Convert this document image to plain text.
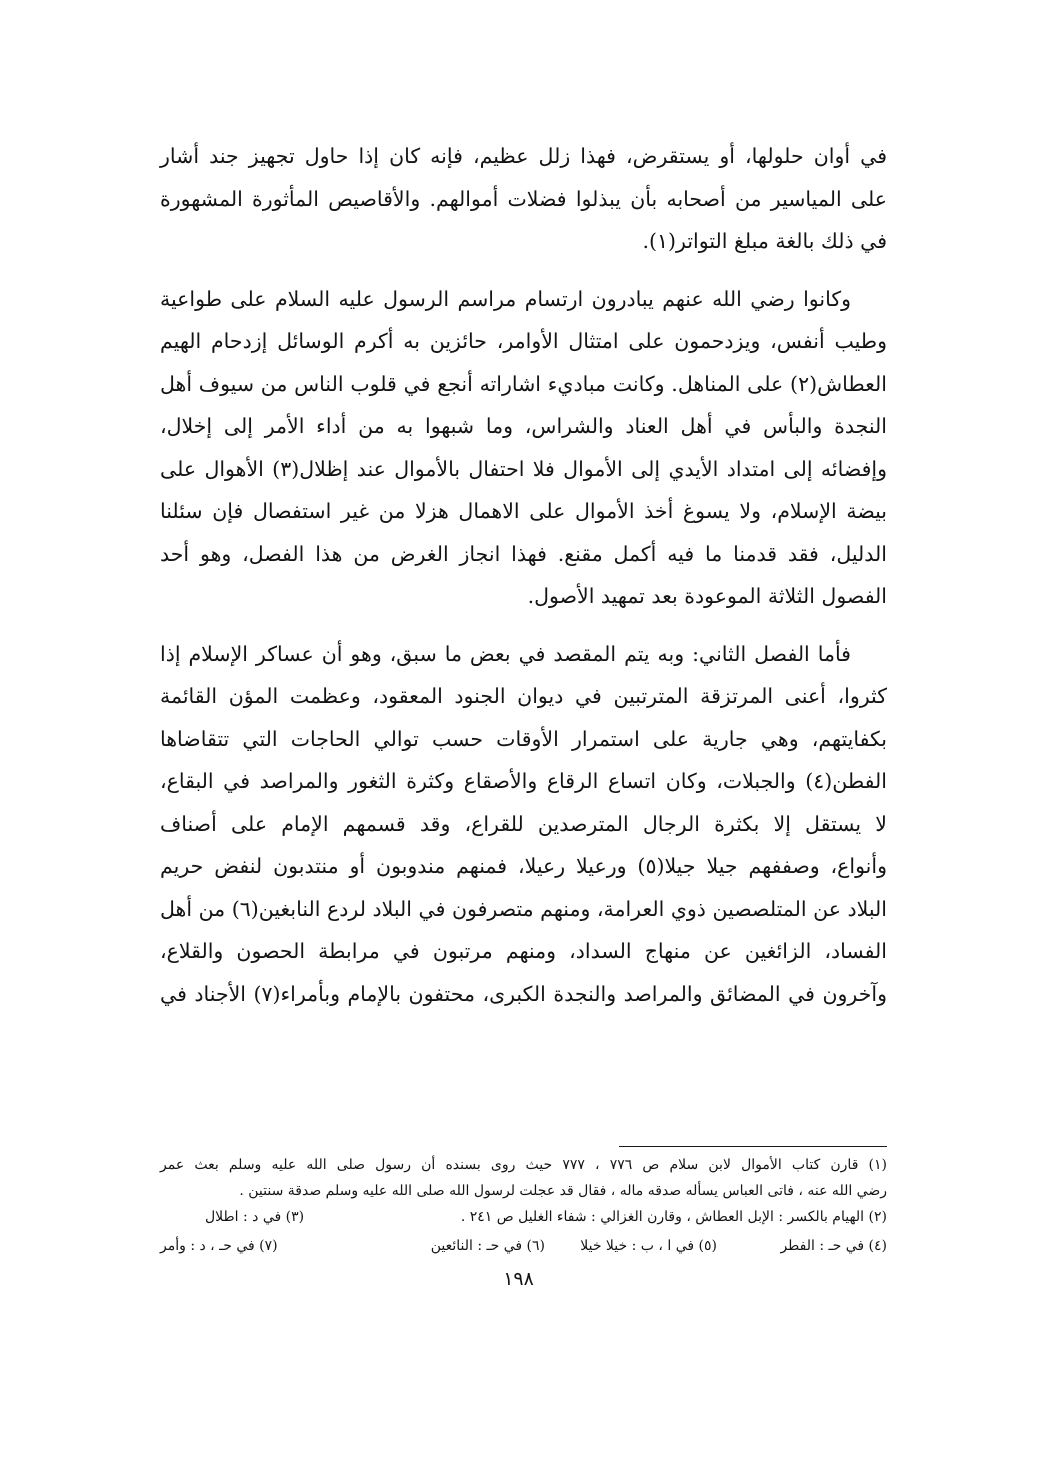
في أوان حلولها، أو يستقرض، فهذا زلل عظيم، فإنه كان إذا حاول تجهيز جند أشار
على المياسير من أصحابه بأن يبذلوا فضلات أموالهم. والأقاصيص المأثورة المشهورة
في ذلك بالغة مبلغ التواتر(١).
وكانوا رضي الله عنهم يبادرون ارتسام مراسم الرسول عليه السلام على طواعية
وطيب أنفس، ويزدحمون على امتثال الأوامر، حائزين به أكرم الوسائل إزدحام الهيم
العطاش(٢) على المناهل. وكانت مباديء اشاراته أنجع في قلوب الناس من سيوف أهل
النجدة والبأس في أهل العناد والشراس، وما شبهوا به من أداء الأمر إلى إخلال،
وإفضائه إلى امتداد الأيدي إلى الأموال فلا احتفال بالأموال عند إظلال(٣) الأهوال على
بيضة الإسلام، ولا يسوغ أخذ الأموال على الاهمال هزلا من غير استفصال فإن سئلنا
الدليل، فقد قدمنا ما فيه أكمل مقنع. فهذا انجاز الغرض من هذا الفصل، وهو أحد
الفصول الثلاثة الموعودة بعد تمهيد الأصول.
فأما الفصل الثاني: وبه يتم المقصد في بعض ما سبق، وهو أن عساكر الإسلام إذا
كثروا، أعنى المرتزقة المترتبين في ديوان الجنود المعقود، وعظمت المؤن القائمة
بكفايتهم، وهي جارية على استمرار الأوقات حسب توالي الحاجات التي تتقاضاها
الفطن(٤) والجبلات، وكان اتساع الرقاع والأصقاع وكثرة الثغور والمراصد في البقاع،
لا يستقل إلا بكثرة الرجال المترصدين للقراع، وقد قسمهم الإمام على أصناف
وأنواع، وصففهم جيلا جيلا(٥) ورعيلا رعيلا، فمنهم مندوبون أو منتدبون لنفض حريم
البلاد عن المتلصصين ذوي العرامة، ومنهم متصرفون في البلاد لردع النابغين(٦) من أهل
الفساد، الزائغين عن منهاج السداد، ومنهم مرتبون في مرابطة الحصون والقلاع،
وآخرون في المضائق والمراصد والنجدة الكبرى، محتفون بالإمام وبأمراء(٧) الأجناد في
(١) قارن كتاب الأموال لابن سلام ص ٧٧٦ ، ٧٧٧ حيث روى بسنده أن رسول صلى الله عليه وسلم بعث عمر
رضي الله عنه ، فاتى العباس يسأله صدقه ماله ، فقال قد عجلت لرسول الله صلى الله عليه وسلم صدقة سنتين .
(٢) الهيام بالكسر : الإبل العطاش ، وقارن الغزالي : شفاء الغليل ص ٢٤١ .
(٣) في د : اطلال
(٤) في حـ : الفطر
(٥) في ا ، ب : خيلا خيلا
(٦) في حـ : النائعين
(٧) في حـ ، د : وأمر
١٩٨
